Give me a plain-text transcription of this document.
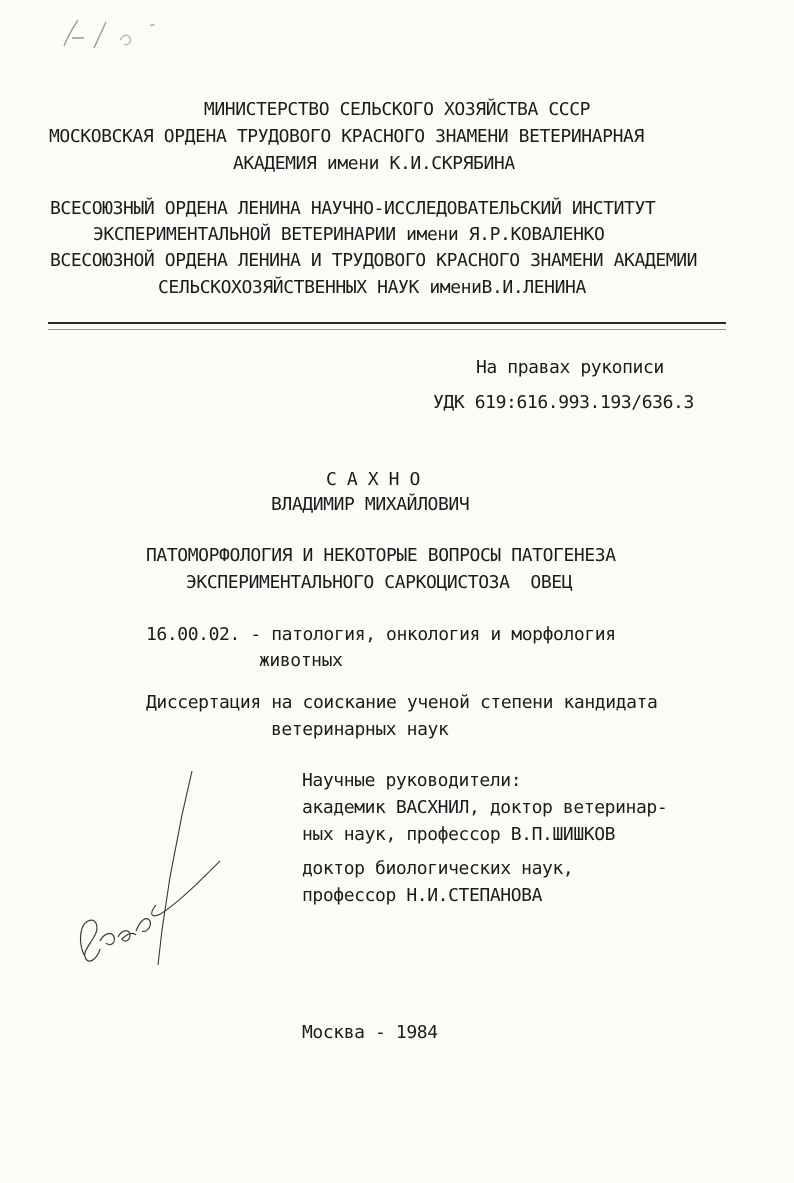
МИНИСТЕРСТВО СЕЛЬСКОГО ХОЗЯЙСТВА СССР
МОСКОВСКАЯ ОРДЕНА ТРУДОВОГО КРАСНОГО ЗНАМЕНИ ВЕТЕРИНАРНАЯ
АКАДЕМИЯ имени К.И.СКРЯБИНА
ВСЕСОЮЗНЫЙ ОРДЕНА ЛЕНИНА НАУЧНО-ИССЛЕДОВАТЕЛЬСКИЙ ИНСТИТУТ
ЭКСПЕРИМЕНТАЛЬНОЙ ВЕТЕРИНАРИИ имени Я.Р.КОВАЛЕНКО
ВСЕСОЮЗНОЙ ОРДЕНА ЛЕНИНА И ТРУДОВОГО КРАСНОГО ЗНАМЕНИ АКАДЕМИИ
СЕЛЬСКОХОЗЯЙСТВЕННЫХ НАУК имениВ.И.ЛЕНИНА
На правах рукописи
УДК 619:616.993.193/636.3
С А Х Н О
ВЛАДИМИР МИХАЙЛОВИЧ
ПАТОМОРФОЛОГИЯ И НЕКОТОРЫЕ ВОПРОСЫ ПАТОГЕНЕЗА
ЭКСПЕРИМЕНТАЛЬНОГО САРКОЦИСТОЗА  ОВЕЦ
16.00.02. - патология, онкология и морфология
животных
Диссертация на соискание ученой степени кандидата
ветеринарных наук
Научные руководители:
академик ВАСХНИЛ, доктор ветеринар-
ных наук, профессор В.П.ШИШКОВ
доктор биологических наук,
профессор Н.И.СТЕПАНОВА
Москва - 1984
